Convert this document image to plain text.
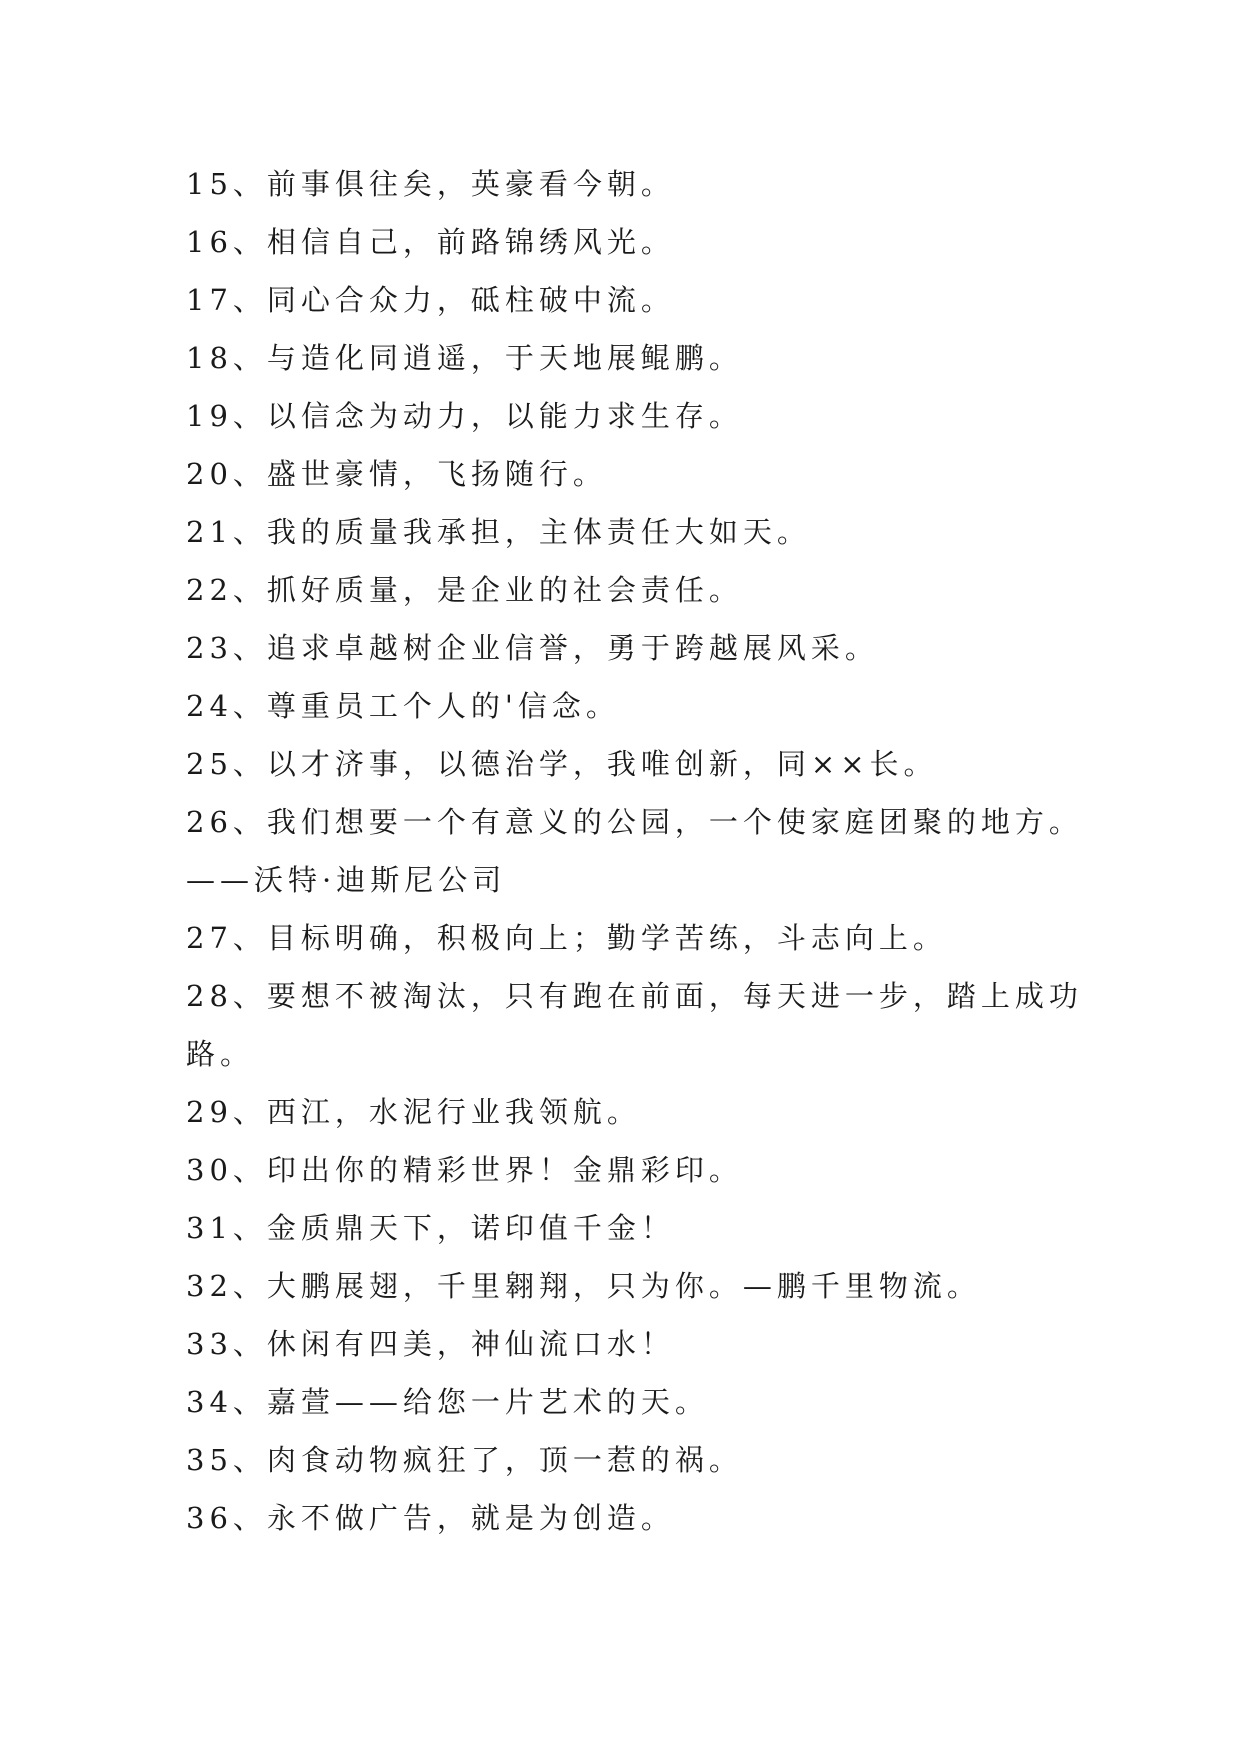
15、前事俱往矣，英豪看今朝。
16、相信自己，前路锦绣风光。
17、同心合众力，砥柱破中流。
18、与造化同逍遥，于天地展鲲鹏。
19、以信念为动力，以能力求生存。
20、盛世豪情，飞扬随行。
21、我的质量我承担，主体责任大如天。
22、抓好质量，是企业的社会责任。
23、追求卓越树企业信誉，勇于跨越展风采。
24、尊重员工个人的'信念。
25、以才济事，以德治学，我唯创新，同××长。
26、我们想要一个有意义的公园，一个使家庭团聚的地方。
——沃特·迪斯尼公司
27、目标明确，积极向上；勤学苦练，斗志向上。
28、要想不被淘汰，只有跑在前面，每天进一步，踏上成功
路。
29、西江，水泥行业我领航。
30、印出你的精彩世界！金鼎彩印。
31、金质鼎天下，诺印值千金！
32、大鹏展翅，千里翱翔，只为你。—鹏千里物流。
33、休闲有四美，神仙流口水！
34、嘉萱——给您一片艺术的天。
35、肉食动物疯狂了，顶一惹的祸。
36、永不做广告，就是为创造。
